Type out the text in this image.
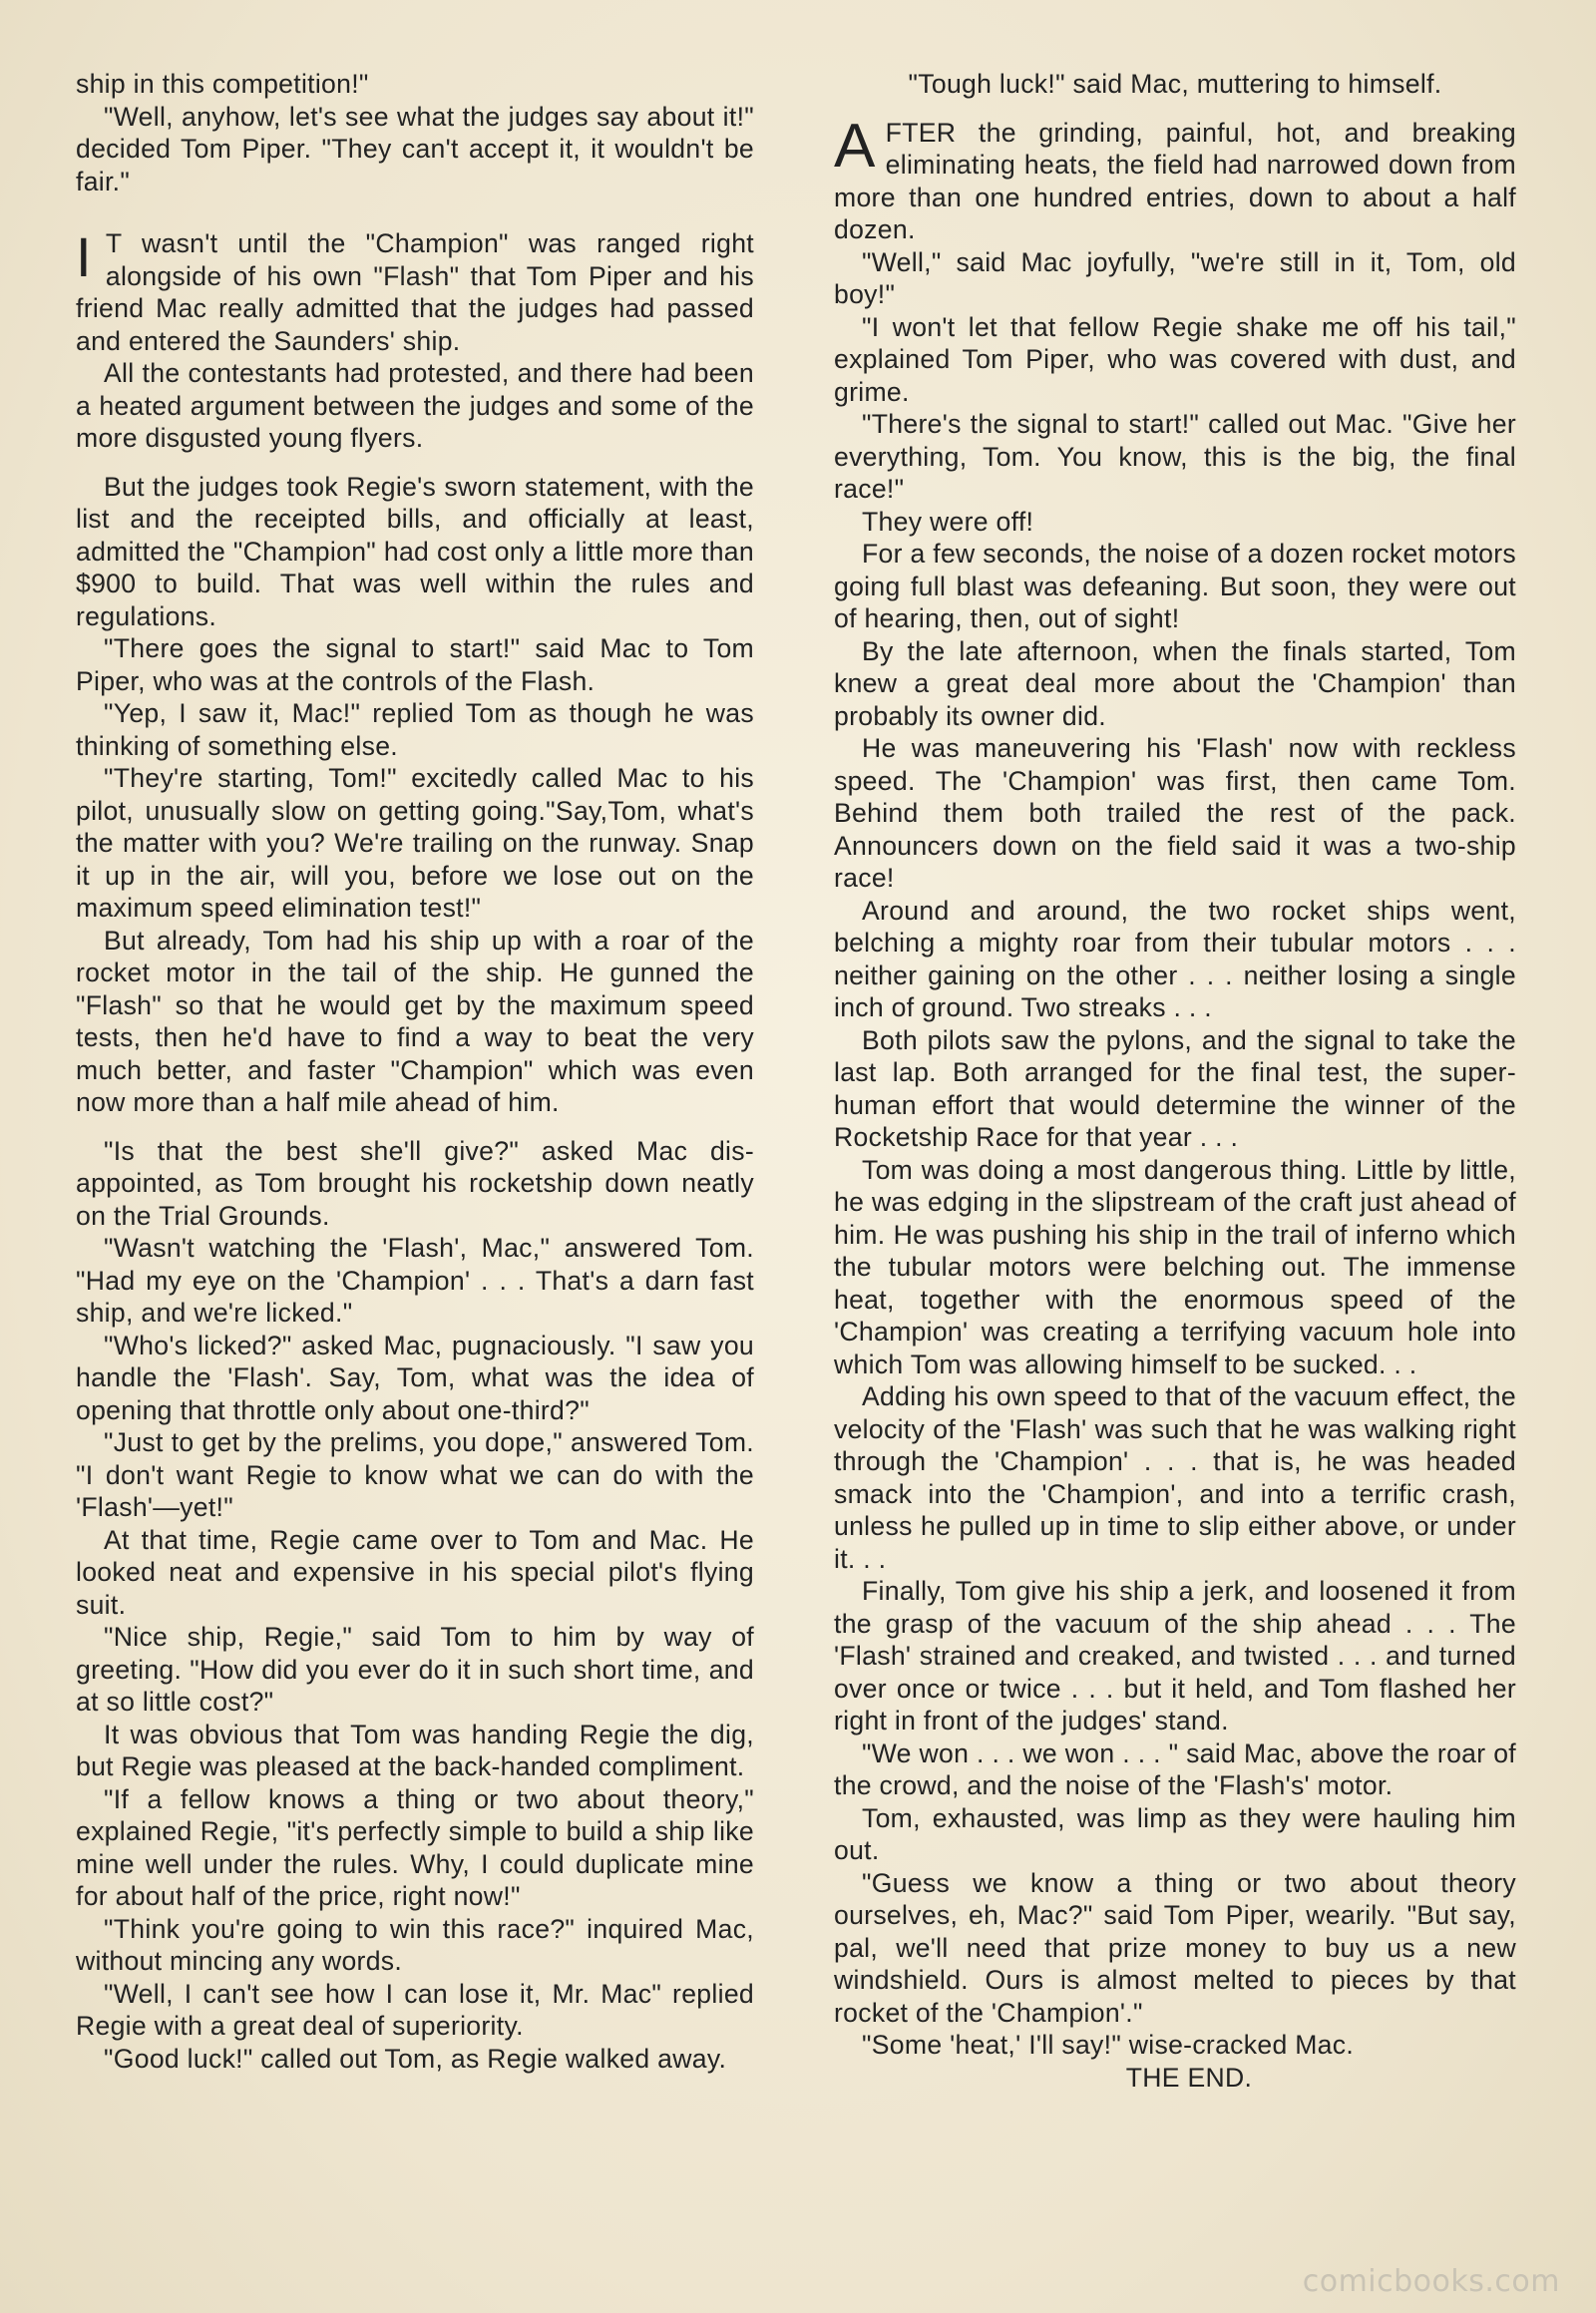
ship in this competition!"

"Well, anyhow, let's see what the judges say about it!" decided Tom Piper. "They can't accept it, it wouldn't be fair."

I T wasn't until the "Champion" was ranged right alongside of his own "Flash" that Tom Piper and his friend Mac really admitted that the judges had passed and entered the Saunders' ship.

All the contestants had protested, and there had been a heated argument between the judges and some of the more disgusted young flyers.

But the judges took Regie's sworn statement, with the list and the receipted bills, and officially at least, admitted the "Champion" had cost only a little more than $900 to build. That was well within the rules and regulations.

"There goes the signal to start!" said Mac to Tom Piper, who was at the controls of the Flash.

"Yep, I saw it, Mac!" replied Tom as though he was thinking of something else.

"They're starting, Tom!" excitedly called Mac to his pilot, unusually slow on getting going."Say,Tom, what's the matter with you? We're trailing on the runway. Snap it up in the air, will you, before we lose out on the maximum speed elimination test!"

But already, Tom had his ship up with a roar of the rocket motor in the tail of the ship. He gunned the "Flash" so that he would get by the maximum speed tests, then he'd have to find a way to beat the very much better, and faster "Champion" which was even now more than a half mile ahead of him.

"Is that the best she'll give?" asked Mac dis-appointed, as Tom brought his rocketship down neatly on the Trial Grounds.

"Wasn't watching the 'Flash', Mac," answered Tom. "Had my eye on the 'Champion' . . . That's a darn fast ship, and we're licked."

"Who's licked?" asked Mac, pugnaciously. "I saw you handle the 'Flash'. Say, Tom, what was the idea of opening that throttle only about one-third?"

"Just to get by the prelims, you dope," answered Tom. "I don't want Regie to know what we can do with the 'Flash'—yet!"

At that time, Regie came over to Tom and Mac. He looked neat and expensive in his special pilot's flying suit.

"Nice ship, Regie," said Tom to him by way of greeting. "How did you ever do it in such short time, and at so little cost?"

It was obvious that Tom was handing Regie the dig, but Regie was pleased at the back-handed compliment.

"If a fellow knows a thing or two about theory," explained Regie, "it's perfectly simple to build a ship like mine well under the rules. Why, I could duplicate mine for about half of the price, right now!"

"Think you're going to win this race?" inquired Mac, without mincing any words.

"Well, I can't see how I can lose it, Mr. Mac" replied Regie with a great deal of superiority.

"Good luck!" called out Tom, as Regie walked away.

"Tough luck!" said Mac, muttering to himself.

AFTER the grinding, painful, hot, and breaking eliminating heats, the field had narrowed down from more than one hundred entries, down to about a half dozen.

"Well," said Mac joyfully, "we're still in it, Tom, old boy!"

"I won't let that fellow Regie shake me off his tail," explained Tom Piper, who was covered with dust, and grime.

"There's the signal to start!" called out Mac. "Give her everything, Tom. You know, this is the big, the final race!"

They were off!

For a few seconds, the noise of a dozen rocket motors going full blast was defeaning. But soon, they were out of hearing, then, out of sight!

By the late afternoon, when the finals started, Tom knew a great deal more about the 'Champion' than probably its owner did.

He was maneuvering his 'Flash' now with reckless speed. The 'Champion' was first, then came Tom. Behind them both trailed the rest of the pack. Announcers down on the field said it was a two-ship race!

Around and around, the two rocket ships went, belching a mighty roar from their tubular motors . . . neither gaining on the other . . . neither losing a single inch of ground. Two streaks . . .

Both pilots saw the pylons, and the signal to take the last lap. Both arranged for the final test, the super-human effort that would determine the winner of the Rocketship Race for that year . . .

Tom was doing a most dangerous thing. Little by little, he was edging in the slipstream of the craft just ahead of him. He was pushing his ship in the trail of inferno which the tubular motors were belching out. The immense heat, together with the enormous speed of the 'Champion' was creating a terrifying vacuum hole into which Tom was allowing himself to be sucked. . .

Adding his own speed to that of the vacuum effect, the velocity of the 'Flash' was such that he was walking right through the 'Champion' . . . that is, he was headed smack into the 'Champion', and into a terrific crash, unless he pulled up in time to slip either above, or under it. . .

Finally, Tom give his ship a jerk, and loosened it from the grasp of the vacuum of the ship ahead . . . The 'Flash' strained and creaked, and twisted . . . and turned over once or twice . . . but it held, and Tom flashed her right in front of the judges' stand.

"We won . . . we won . . . " said Mac, above the roar of the crowd, and the noise of the 'Flash's' motor.

Tom, exhausted, was limp as they were hauling him out.

"Guess we know a thing or two about theory ourselves, eh, Mac?" said Tom Piper, wearily. "But say, pal, we'll need that prize money to buy us a new windshield. Ours is almost melted to pieces by that rocket of the 'Champion'."

"Some 'heat,' I'll say!" wise-cracked Mac.

THE END.

comicbooks.com
